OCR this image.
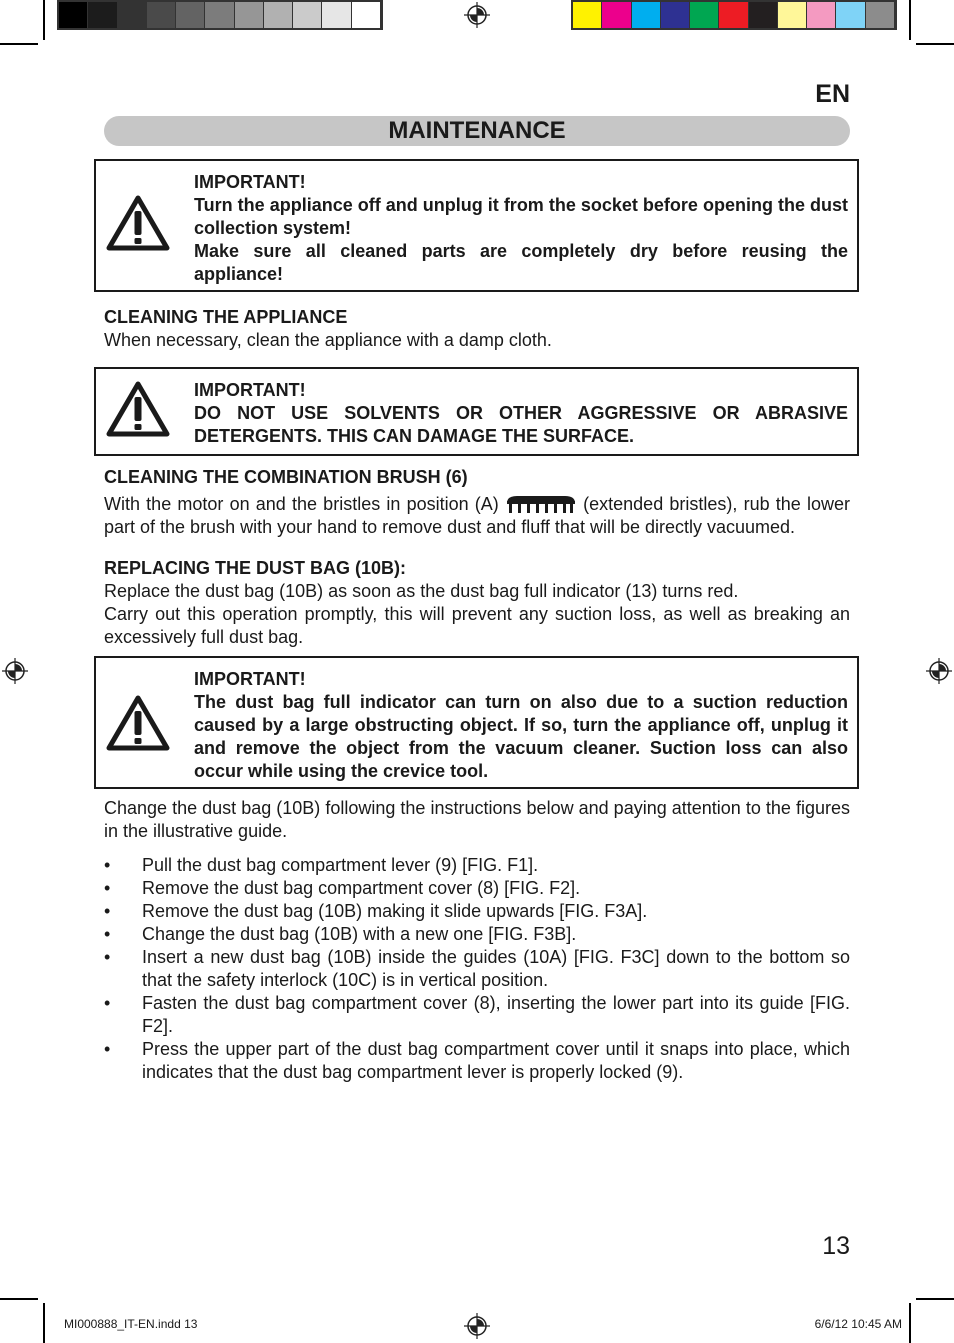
EN
MAINTENANCE

IMPORTANT!

Turn the appliance off and unplug it from the socket before opening the dust collection system!

Make sure all cleaned parts are completely dry before reusing the appliance!

CLEANING THE APPLIANCE
When necessary, clean the appliance with a damp cloth.

IMPORTANT!

DO NOT USE SOLVENTS OR OTHER AGGRESSIVE OR ABRASIVE DETERGENTS. THIS CAN DAMAGE THE SURFACE.

CLEANING THE COMBINATION BRUSH (6)
With the motor on and the bristles in position (A)	(extended bristles), rub the lower part of the brush with your hand to remove dust and fluff that will be directly vacuumed.
REPLACING THE DUST BAG (10B):

Replace the dust bag (10B) as soon as the dust bag full indicator (13) turns red.

Carry out this operation promptly, this will prevent any suction loss, as well as breaking an excessively full dust bag.

IMPORTANT!

The dust bag full indicator can turn on also due to a suction reduction caused by a large obstructing object. If so, turn the appliance off, unplug it and remove the object from the vacuum cleaner. Suction loss can also occur while using the crevice tool.

Change the dust bag (10B) following the instructions below and paying attention to the figures in the illustrative guide.
• Pull the dust bag compartment lever (9) [FIG. F1].
• Remove the dust bag compartment cover (8) [FIG. F2].
• Remove the dust bag (10B) making it slide upwards [FIG. F3A].
• Change the dust bag (10B) with a new one [FIG. F3B].
• Insert a new dust bag (10B) inside the guides (10A) [FIG. F3C] down to the bottom so that the safety interlock (10C) is in vertical position.
• Fasten the dust bag compartment cover (8), inserting the lower part into its guide [FIG. F2].
• Press the upper part of the dust bag compartment cover until it snaps into place, which indicates that the dust bag compartment lever is properly locked (9).
13
MI000888_IT-EN.indd 13	6/6/12 10:45 AM
